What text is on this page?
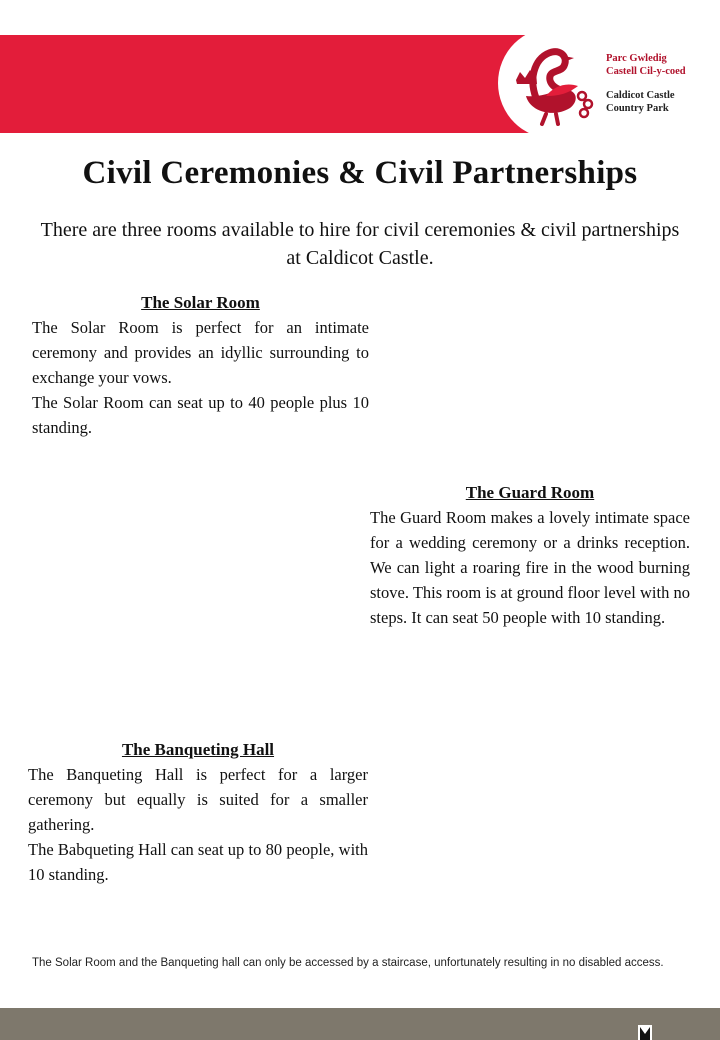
Parc Gwledig
Castell Cil-y-coed
Caldicot Castle
Country Park
Civil Ceremonies & Civil Partnerships

There are three rooms available to hire for civil ceremonies & civil partnerships at Caldicot Castle.

The Solar Room

The Solar Room is perfect for an intimate ceremony and provides an idyllic surrounding to exchange your vows.

The Solar Room can seat up to 40 people plus 10 standing.

The Guard Room

The Guard Room makes a lovely intimate space for a wedding ceremony or a drinks reception. We can light a roaring fire in the wood burning stove. This room is at ground floor level with no steps. It can seat 50 people with 10 standing.

The Banqueting Hall

The Banqueting Hall is perfect for a larger ceremony but equally is suited for a smaller gathering.

The Babqueting Hall can seat up to 80 people, with 10 standing.

The Solar Room and the Banqueting hall can only be accessed by a staircase, unfortunately resulting in no disabled access.
